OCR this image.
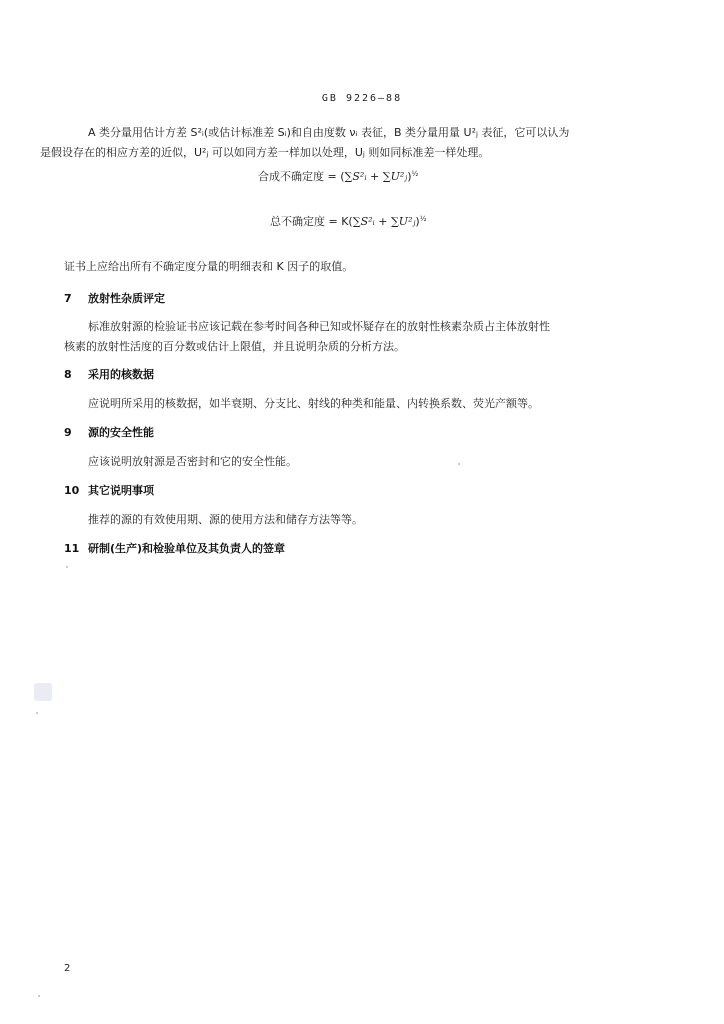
GB 9226—88
A 类分量用估计方差 S²ᵢ(或估计标准差 Sᵢ)和自由度数 νᵢ 表征，B 类分量用量 U²ⱼ 表征，它可以认为
是假设存在的相应方差的近似，U²ⱼ 可以如同方差一样加以处理，Uⱼ 则如同标准差一样处理。
合成不确定度 = (∑S²ᵢ + ∑U²ⱼ)$^{\frac{1}{2}}$
总不确定度 = K(∑S²ᵢ + ∑U²ⱼ)$^{\frac{1}{2}}$
证书上应给出所有不确定度分量的明细表和 K 因子的取值。
7 放射性杂质评定
标准放射源的检验证书应该记载在参考时间各种已知或怀疑存在的放射性核素杂质占主体放射性
核素的放射性活度的百分数或估计上限值，并且说明杂质的分析方法。
8 采用的核数据
应说明所采用的核数据，如半衰期、分支比、射线的种类和能量、内转换系数、荧光产额等。
9 源的安全性能
应该说明放射源是否密封和它的安全性能。
10 其它说明事项
推荐的源的有效使用期、源的使用方法和储存方法等等。
11 研制(生产)和检验单位及其负责人的签章
2
